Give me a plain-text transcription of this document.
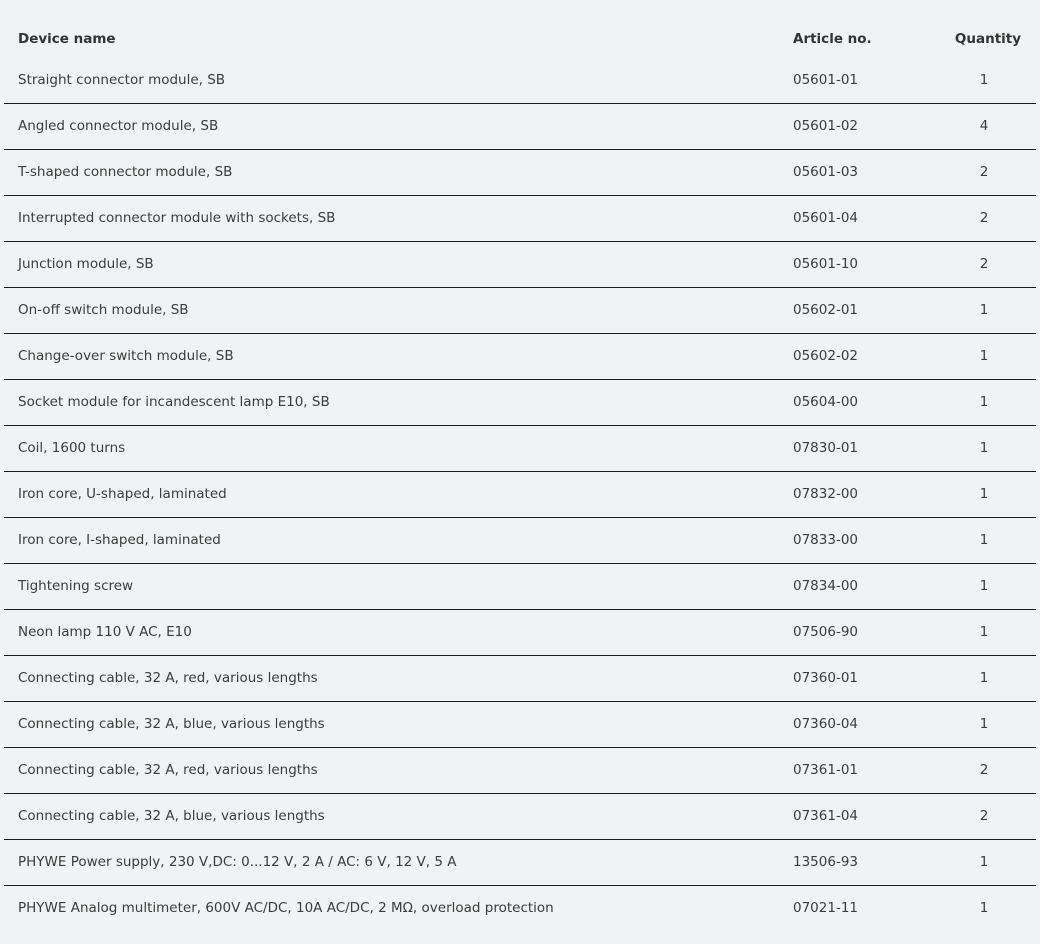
Device name	Article no.	Quantity
Straight connector module, SB	05601-01	1
Angled connector module, SB	05601-02	4
T-shaped connector module, SB	05601-03	2
Interrupted connector module with sockets, SB	05601-04	2
Junction module, SB	05601-10	2
On-off switch module, SB	05602-01	1
Change-over switch module, SB	05602-02	1
Socket module for incandescent lamp E10, SB	05604-00	1
Coil, 1600 turns	07830-01	1
Iron core, U-shaped, laminated	07832-00	1
Iron core, I-shaped, laminated	07833-00	1
Tightening screw	07834-00	1
Neon lamp 110 V AC, E10	07506-90	1
Connecting cable, 32 A, red, various lengths	07360-01	1
Connecting cable, 32 A, blue, various lengths	07360-04	1
Connecting cable, 32 A, red, various lengths	07361-01	2
Connecting cable, 32 A, blue, various lengths	07361-04	2
PHYWE Power supply, 230 V,DC: 0...12 V, 2 A / AC: 6 V, 12 V, 5 A	13506-93	1
PHYWE Analog multimeter, 600V AC/DC, 10A AC/DC, 2 MΩ, overload protection	07021-11	1
